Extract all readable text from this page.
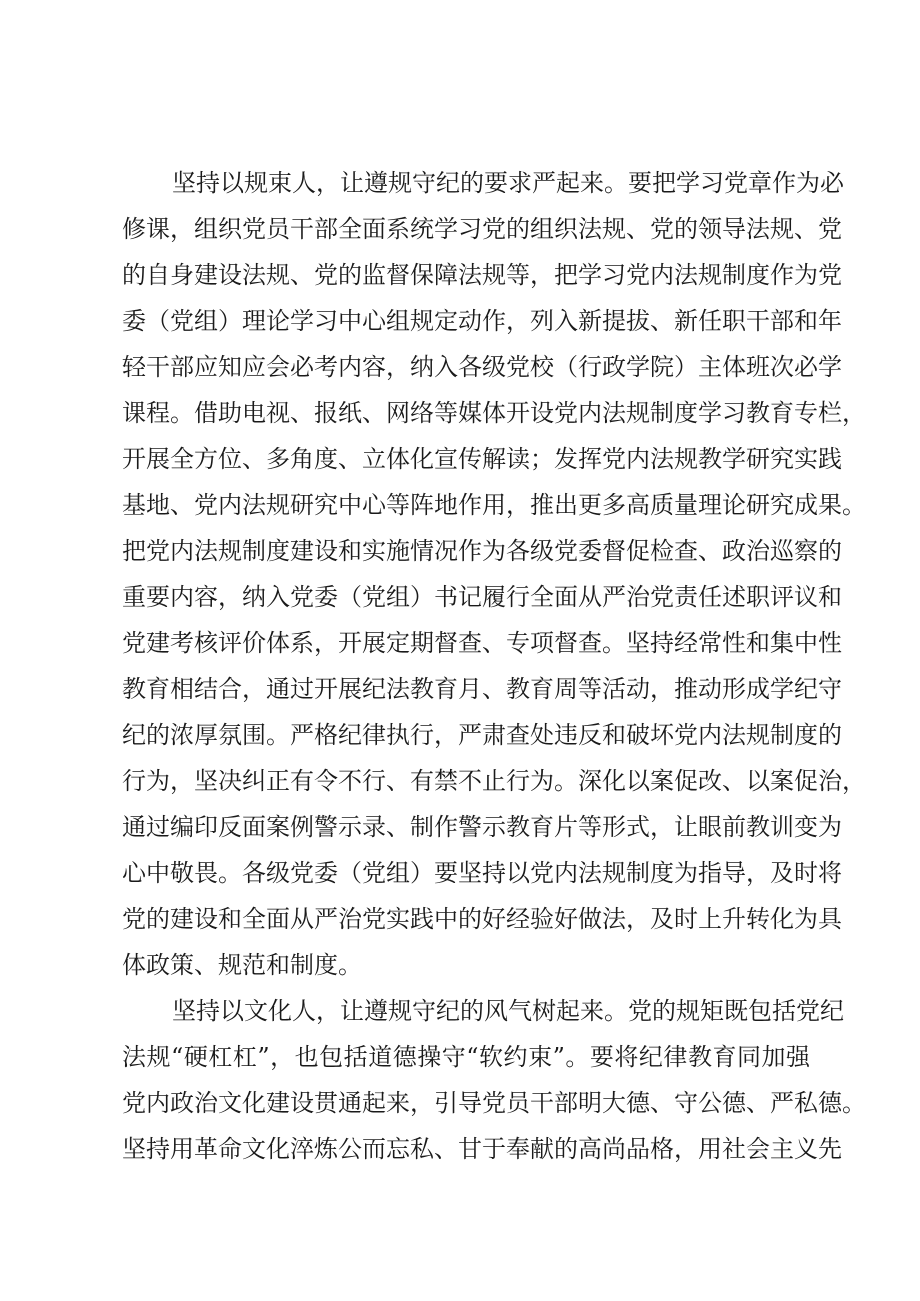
坚持以规束人，让遵规守纪的要求严起来。要把学习党章作为必
修课，组织党员干部全面系统学习党的组织法规、党的领导法规、党
的自身建设法规、党的监督保障法规等，把学习党内法规制度作为党
委（党组）理论学习中心组规定动作，列入新提拔、新任职干部和年
轻干部应知应会必考内容，纳入各级党校（行政学院）主体班次必学
课程。借助电视、报纸、网络等媒体开设党内法规制度学习教育专栏，
开展全方位、多角度、立体化宣传解读；发挥党内法规教学研究实践
基地、党内法规研究中心等阵地作用，推出更多高质量理论研究成果。
把党内法规制度建设和实施情况作为各级党委督促检查、政治巡察的
重要内容，纳入党委（党组）书记履行全面从严治党责任述职评议和
党建考核评价体系，开展定期督查、专项督查。坚持经常性和集中性
教育相结合，通过开展纪法教育月、教育周等活动，推动形成学纪守
纪的浓厚氛围。严格纪律执行，严肃查处违反和破坏党内法规制度的
行为，坚决纠正有令不行、有禁不止行为。深化以案促改、以案促治，
通过编印反面案例警示录、制作警示教育片等形式，让眼前教训变为
心中敬畏。各级党委（党组）要坚持以党内法规制度为指导，及时将
党的建设和全面从严治党实践中的好经验好做法，及时上升转化为具
体政策、规范和制度。
坚持以文化人，让遵规守纪的风气树起来。党的规矩既包括党纪
法规“硬杠杠”，也包括道德操守“软约束”。要将纪律教育同加强
党内政治文化建设贯通起来，引导党员干部明大德、守公德、严私德。
坚持用革命文化淬炼公而忘私、甘于奉献的高尚品格，用社会主义先
